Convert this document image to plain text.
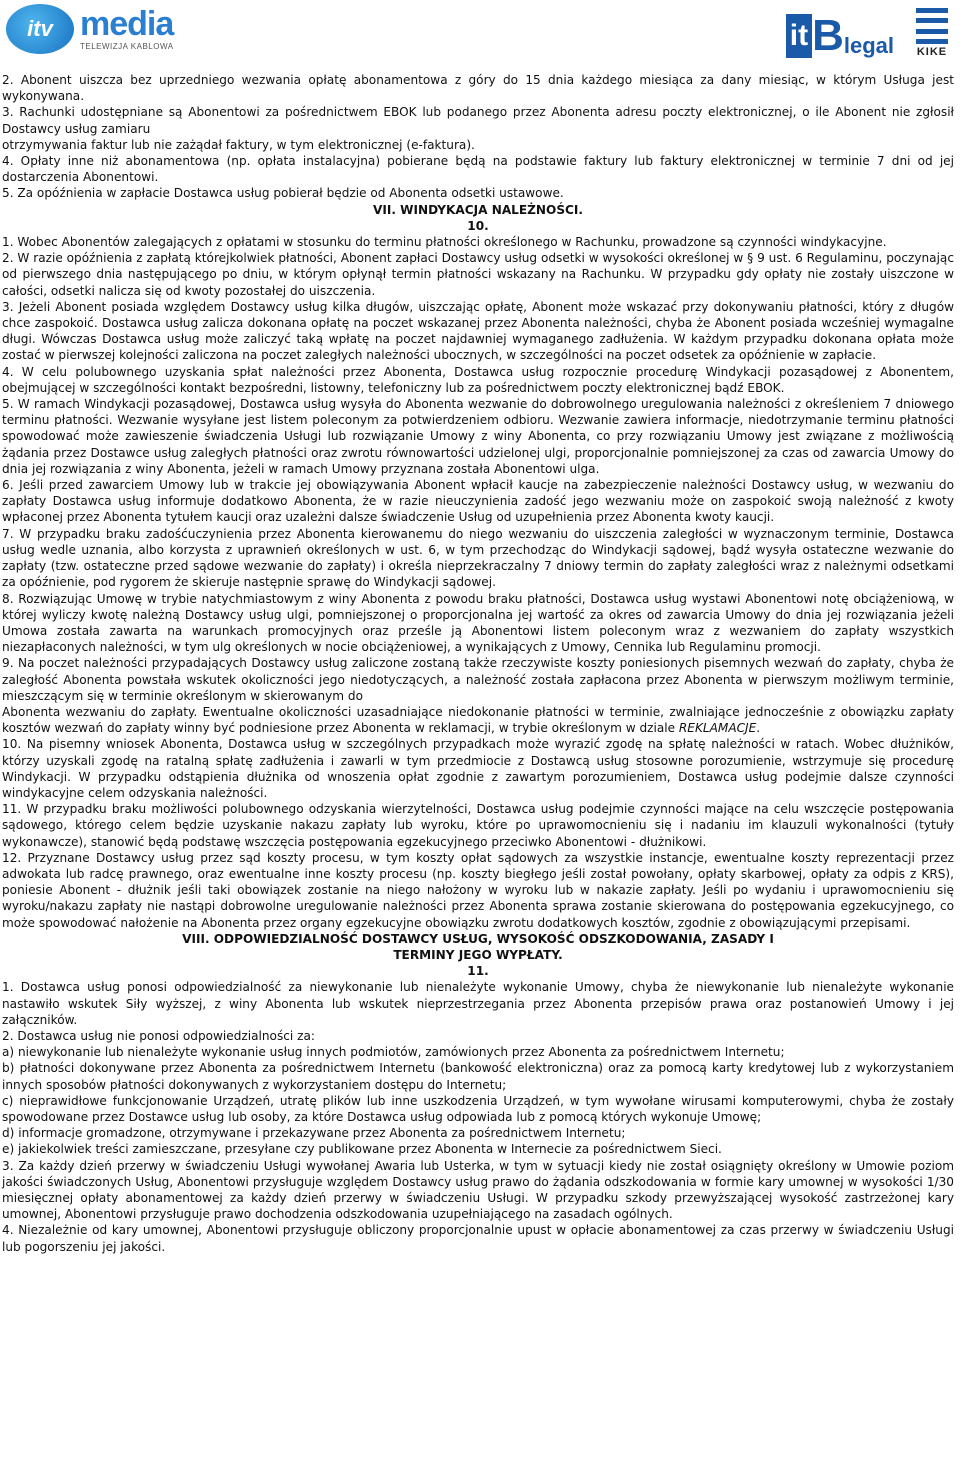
itv media
TELEWIZJA KABLOWA	it B legal	KIKE

2. Abonent uiszcza bez uprzedniego wezwania opłatę abonamentowa z góry do 15 dnia każdego miesiąca za dany miesiąc, w którym Usługa jest wykonywana.

3. Rachunki udostępniane są Abonentowi za pośrednictwem EBOK lub podanego przez Abonenta adresu poczty elektronicznej, o ile Abonent nie zgłosił Dostawcy usług zamiaru

otrzymywania faktur lub nie zażądał faktury, w tym elektronicznej (e-faktura).

4. Opłaty inne niż abonamentowa (np. opłata instalacyjna) pobierane będą na podstawie faktury lub faktury elektronicznej w terminie 7 dni od jej dostarczenia Abonentowi.

5. Za opóźnienia w zapłacie Dostawca usług pobierał będzie od Abonenta odsetki ustawowe.

VII. WINDYKACJA NALEŻNOŚCI.

10.

1. Wobec Abonentów zalegających z opłatami w stosunku do terminu płatności określonego w Rachunku, prowadzone są czynności windykacyjne.

2. W razie opóźnienia z zapłatą którejkolwiek płatności, Abonent zapłaci Dostawcy usług odsetki w wysokości określonej w § 9 ust. 6 Regulaminu, poczynając od pierwszego dnia następującego po dniu, w którym opłynął termin płatności wskazany na Rachunku. W przypadku gdy opłaty nie zostały uiszczone w całości, odsetki nalicza się od kwoty pozostałej do uiszczenia.

3. Jeżeli Abonent posiada względem Dostawcy usług kilka długów, uiszczając opłatę, Abonent może wskazać przy dokonywaniu płatności, który z długów chce zaspokoić. Dostawca usług zalicza dokonana opłatę na poczet wskazanej przez Abonenta należności, chyba że Abonent posiada wcześniej wymagalne długi. Wówczas Dostawca usług może zaliczyć taką wpłatę na poczet najdawniej wymaganego zadłużenia. W każdym przypadku dokonana opłata może zostać w pierwszej kolejności zaliczona na poczet zaległych należności ubocznych, w szczególności na poczet odsetek za opóźnienie w zapłacie.

4. W celu polubownego uzyskania spłat należności przez Abonenta, Dostawca usług rozpocznie procedurę Windykacji pozasądowej z Abonentem, obejmującej w szczególności kontakt bezpośredni, listowny, telefoniczny lub za pośrednictwem poczty elektronicznej bądź EBOK.

5. W ramach Windykacji pozasądowej, Dostawca usług wysyła do Abonenta wezwanie do dobrowolnego uregulowania należności z określeniem 7 dniowego terminu płatności. Wezwanie wysyłane jest listem poleconym za potwierdzeniem odbioru. Wezwanie zawiera informacje, niedotrzymanie terminu płatności spowodować może zawieszenie świadczenia Usługi lub rozwiązanie Umowy z winy Abonenta, co przy rozwiązaniu Umowy jest związane z możliwością żądania przez Dostawce usług zaległych płatności oraz zwrotu równowartości udzielonej ulgi, proporcjonalnie pomniejszonej za czas od zawarcia Umowy do dnia jej rozwiązania z winy Abonenta, jeżeli w ramach Umowy przyznana została Abonentowi ulga.

6. Jeśli przed zawarciem Umowy lub w trakcie jej obowiązywania Abonent wpłacił kaucje na zabezpieczenie należności Dostawcy usług, w wezwaniu do zapłaty Dostawca usług informuje dodatkowo Abonenta, że w razie nieuczynienia zadość jego wezwaniu może on zaspokoić swoją należność z kwoty wpłaconej przez Abonenta tytułem kaucji oraz uzależni dalsze świadczenie Usług od uzupełnienia przez Abonenta kwoty kaucji.

7. W przypadku braku zadośćuczynienia przez Abonenta kierowanemu do niego wezwaniu do uiszczenia zaległości w wyznaczonym terminie, Dostawca usług wedle uznania, albo korzysta z uprawnień określonych w ust. 6, w tym przechodząc do Windykacji sądowej, bądź wysyła ostateczne wezwanie do zapłaty (tzw. ostateczne przed sądowe wezwanie do zapłaty) i określa nieprzekraczalny 7 dniowy termin do zapłaty zaległości wraz z należnymi odsetkami za opóźnienie, pod rygorem że skieruje następnie sprawę do Windykacji sądowej.

8. Rozwiązując Umowę w trybie natychmiastowym z winy Abonenta z powodu braku płatności, Dostawca usług wystawi Abonentowi notę obciążeniową, w której wyliczy kwotę należną Dostawcy usług ulgi, pomniejszonej o proporcjonalna jej wartość za okres od zawarcia Umowy do dnia jej rozwiązania jeżeli Umowa została zawarta na warunkach promocyjnych oraz prześle ją Abonentowi listem poleconym wraz z wezwaniem do zapłaty wszystkich niezapłaconych należności, w tym ulg określonych w nocie obciążeniowej, a wynikających z Umowy, Cennika lub Regulaminu promocji.

9. Na poczet należności przypadających Dostawcy usług zaliczone zostaną także rzeczywiste koszty poniesionych pisemnych wezwań do zapłaty, chyba że zaległość Abonenta powstała wskutek okoliczności jego niedotyczących, a należność została zapłacona przez Abonenta w pierwszym możliwym terminie, mieszczącym się w terminie określonym w skierowanym do

Abonenta wezwaniu do zapłaty. Ewentualne okoliczności uzasadniające niedokonanie płatności w terminie, zwalniające jednocześnie z obowiązku zapłaty kosztów wezwań do zapłaty winny być podniesione przez Abonenta w reklamacji, w trybie określonym w dziale REKLAMACJE.

10. Na pisemny wniosek Abonenta, Dostawca usług w szczególnych przypadkach może wyrazić zgodę na spłatę należności w ratach. Wobec dłużników, którzy uzyskali zgodę na ratalną spłatę zadłużenia i zawarli w tym przedmiocie z Dostawcą usług stosowne porozumienie, wstrzymuje się procedurę Windykacji. W przypadku odstąpienia dłużnika od wnoszenia opłat zgodnie z zawartym porozumieniem, Dostawca usług podejmie dalsze czynności windykacyjne celem odzyskania należności.

11. W przypadku braku możliwości polubownego odzyskania wierzytelności, Dostawca usług podejmie czynności mające na celu wszczęcie postępowania sądowego, którego celem będzie uzyskanie nakazu zapłaty lub wyroku, które po uprawomocnieniu się i nadaniu im klauzuli wykonalności (tytuły wykonawcze), stanowić będą podstawę wszczęcia postępowania egzekucyjnego przeciwko Abonentowi - dłużnikowi.

12. Przyznane Dostawcy usług przez sąd koszty procesu, w tym koszty opłat sądowych za wszystkie instancje, ewentualne koszty reprezentacji przez adwokata lub radcę prawnego, oraz ewentualne inne koszty procesu (np. koszty biegłego jeśli został powołany, opłaty skarbowej, opłaty za odpis z KRS), poniesie Abonent - dłużnik jeśli taki obowiązek zostanie na niego nałożony w wyroku lub w nakazie zapłaty. Jeśli po wydaniu i uprawomocnieniu się wyroku/nakazu zapłaty nie nastąpi dobrowolne uregulowanie należności przez Abonenta sprawa zostanie skierowana do postępowania egzekucyjnego, co może spowodować nałożenie na Abonenta przez organy egzekucyjne obowiązku zwrotu dodatkowych kosztów, zgodnie z obowiązującymi przepisami.

VIII. ODPOWIEDZIALNOŚĆ DOSTAWCY USŁUG, WYSOKOŚĆ ODSZKODOWANIA, ZASADY I

TERMINY JEGO WYPŁATY.

11.

1. Dostawca usług ponosi odpowiedzialność za niewykonanie lub nienależyte wykonanie Umowy, chyba że niewykonanie lub nienależyte wykonanie nastawiło wskutek Siły wyższej, z winy Abonenta lub wskutek nieprzestrzegania przez Abonenta przepisów prawa oraz postanowień Umowy i jej załączników.

2. Dostawca usług nie ponosi odpowiedzialności za:

a) niewykonanie lub nienależyte wykonanie usług innych podmiotów, zamówionych przez Abonenta za pośrednictwem Internetu;

b) płatności dokonywane przez Abonenta za pośrednictwem Internetu (bankowość elektroniczna) oraz za pomocą karty kredytowej lub z wykorzystaniem innych sposobów płatności dokonywanych z wykorzystaniem dostępu do Internetu;

c) nieprawidłowe funkcjonowanie Urządzeń, utratę plików lub inne uszkodzenia Urządzeń, w tym wywołane wirusami komputerowymi, chyba że zostały spowodowane przez Dostawce usług lub osoby, za które Dostawca usług odpowiada lub z pomocą których wykonuje Umowę;

d) informacje gromadzone, otrzymywane i przekazywane przez Abonenta za pośrednictwem Internetu;

e) jakiekolwiek treści zamieszczane, przesyłane czy publikowane przez Abonenta w Internecie za pośrednictwem Sieci.

3. Za każdy dzień przerwy w świadczeniu Usługi wywołanej Awaria lub Usterka, w tym w sytuacji kiedy nie został osiągnięty określony w Umowie poziom jakości świadczonych Usług, Abonentowi przysługuje względem Dostawcy usług prawo do żądania odszkodowania w formie kary umownej w wysokości 1/30 miesięcznej opłaty abonamentowej za każdy dzień przerwy w świadczeniu Usługi. W przypadku szkody przewyższającej wysokość zastrzeżonej kary umownej, Abonentowi przysługuje prawo dochodzenia odszkodowania uzupełniającego na zasadach ogólnych.

4. Niezależnie od kary umownej, Abonentowi przysługuje obliczony proporcjonalnie upust w opłacie abonamentowej za czas przerwy w świadczeniu Usługi lub pogorszeniu jej jakości.
